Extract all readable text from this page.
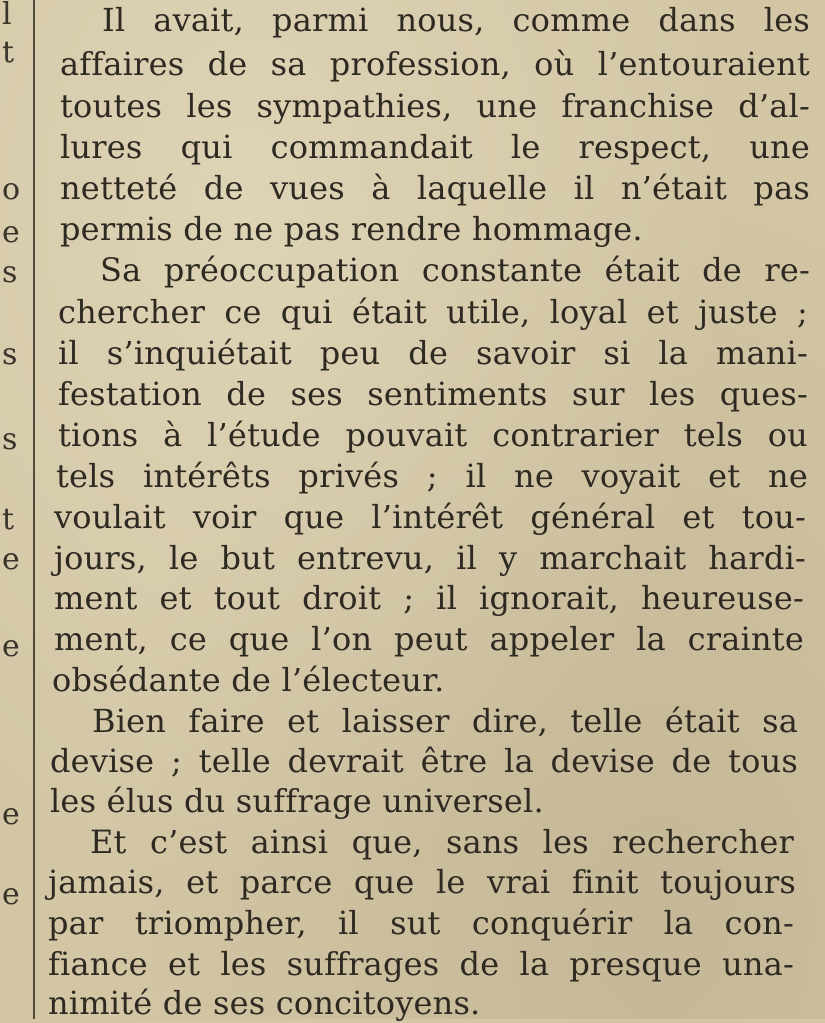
l
t
o
e
s
s
s
t
e
e
e
e
Il avait, parmi nous, comme dans les
affaires de sa profession, où l’entouraient
toutes les sympathies, une franchise d’al-
lures qui commandait le respect, une
netteté de vues à laquelle il n’était pas
permis de ne pas rendre hommage.
Sa préoccupation constante était de re-
chercher ce qui était utile, loyal et juste ;
il s’inquiétait peu de savoir si la mani-
festation de ses sentiments sur les ques-
tions à l’étude pouvait contrarier tels ou
tels intérêts privés ; il ne voyait et ne
voulait voir que l’intérêt général et tou-
jours, le but entrevu, il y marchait hardi-
ment et tout droit ; il ignorait, heureuse-
ment, ce que l’on peut appeler la crainte
obsédante de l’électeur.
Bien faire et laisser dire, telle était sa
devise ; telle devrait être la devise de tous
les élus du suffrage universel.
Et c’est ainsi que, sans les rechercher
jamais, et parce que le vrai finit toujours
par triompher, il sut conquérir la con-
fiance et les suffrages de la presque una-
nimité de ses concitoyens.
